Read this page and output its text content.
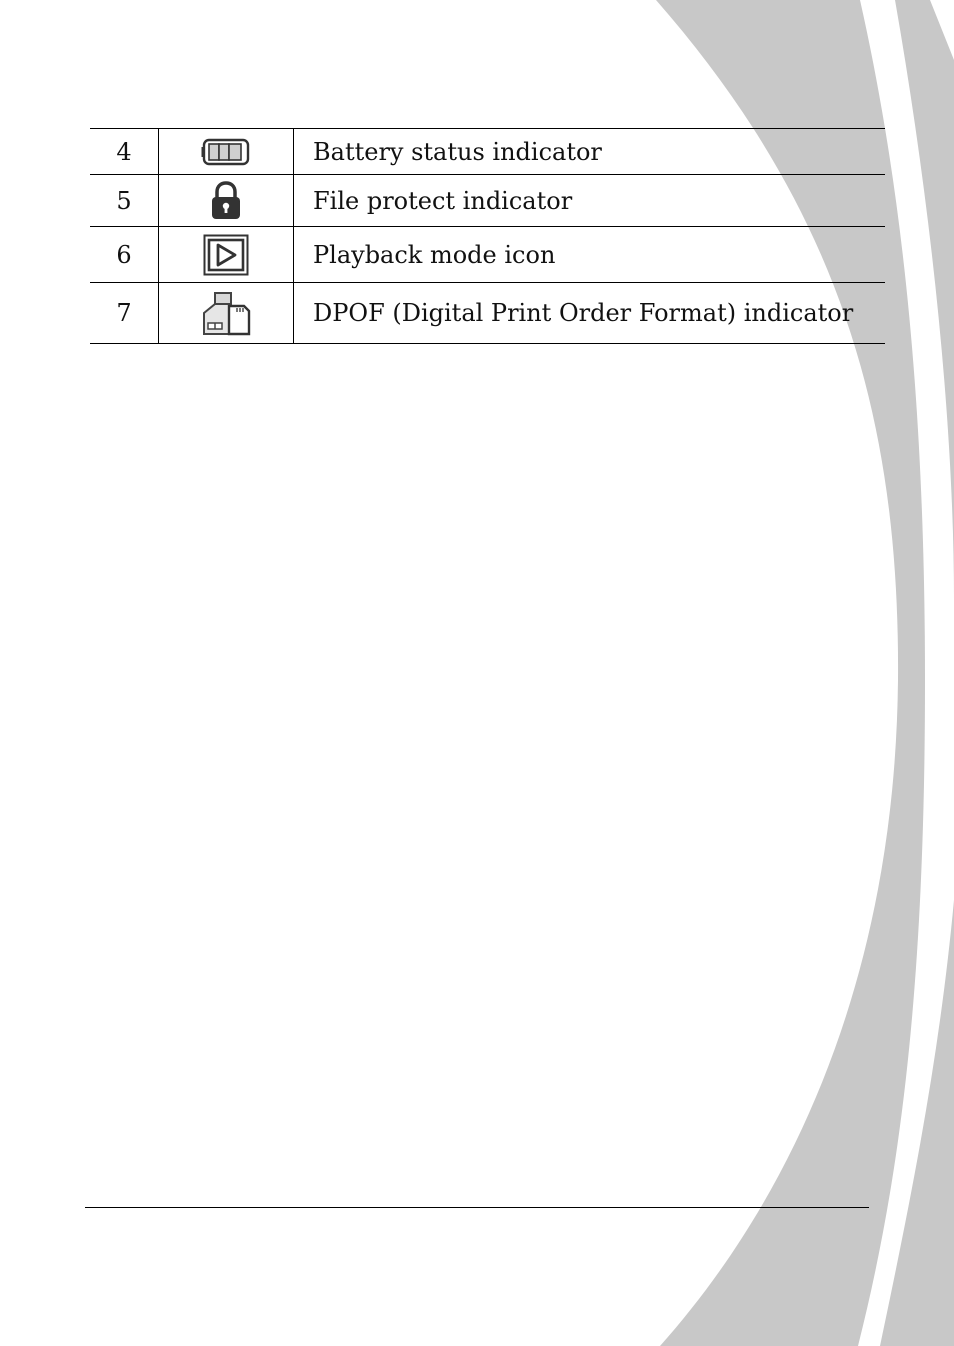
4		Battery status indicator
5		File protect indicator
6		Playback mode icon
7		DPOF (Digital Print Order Format) indicator
